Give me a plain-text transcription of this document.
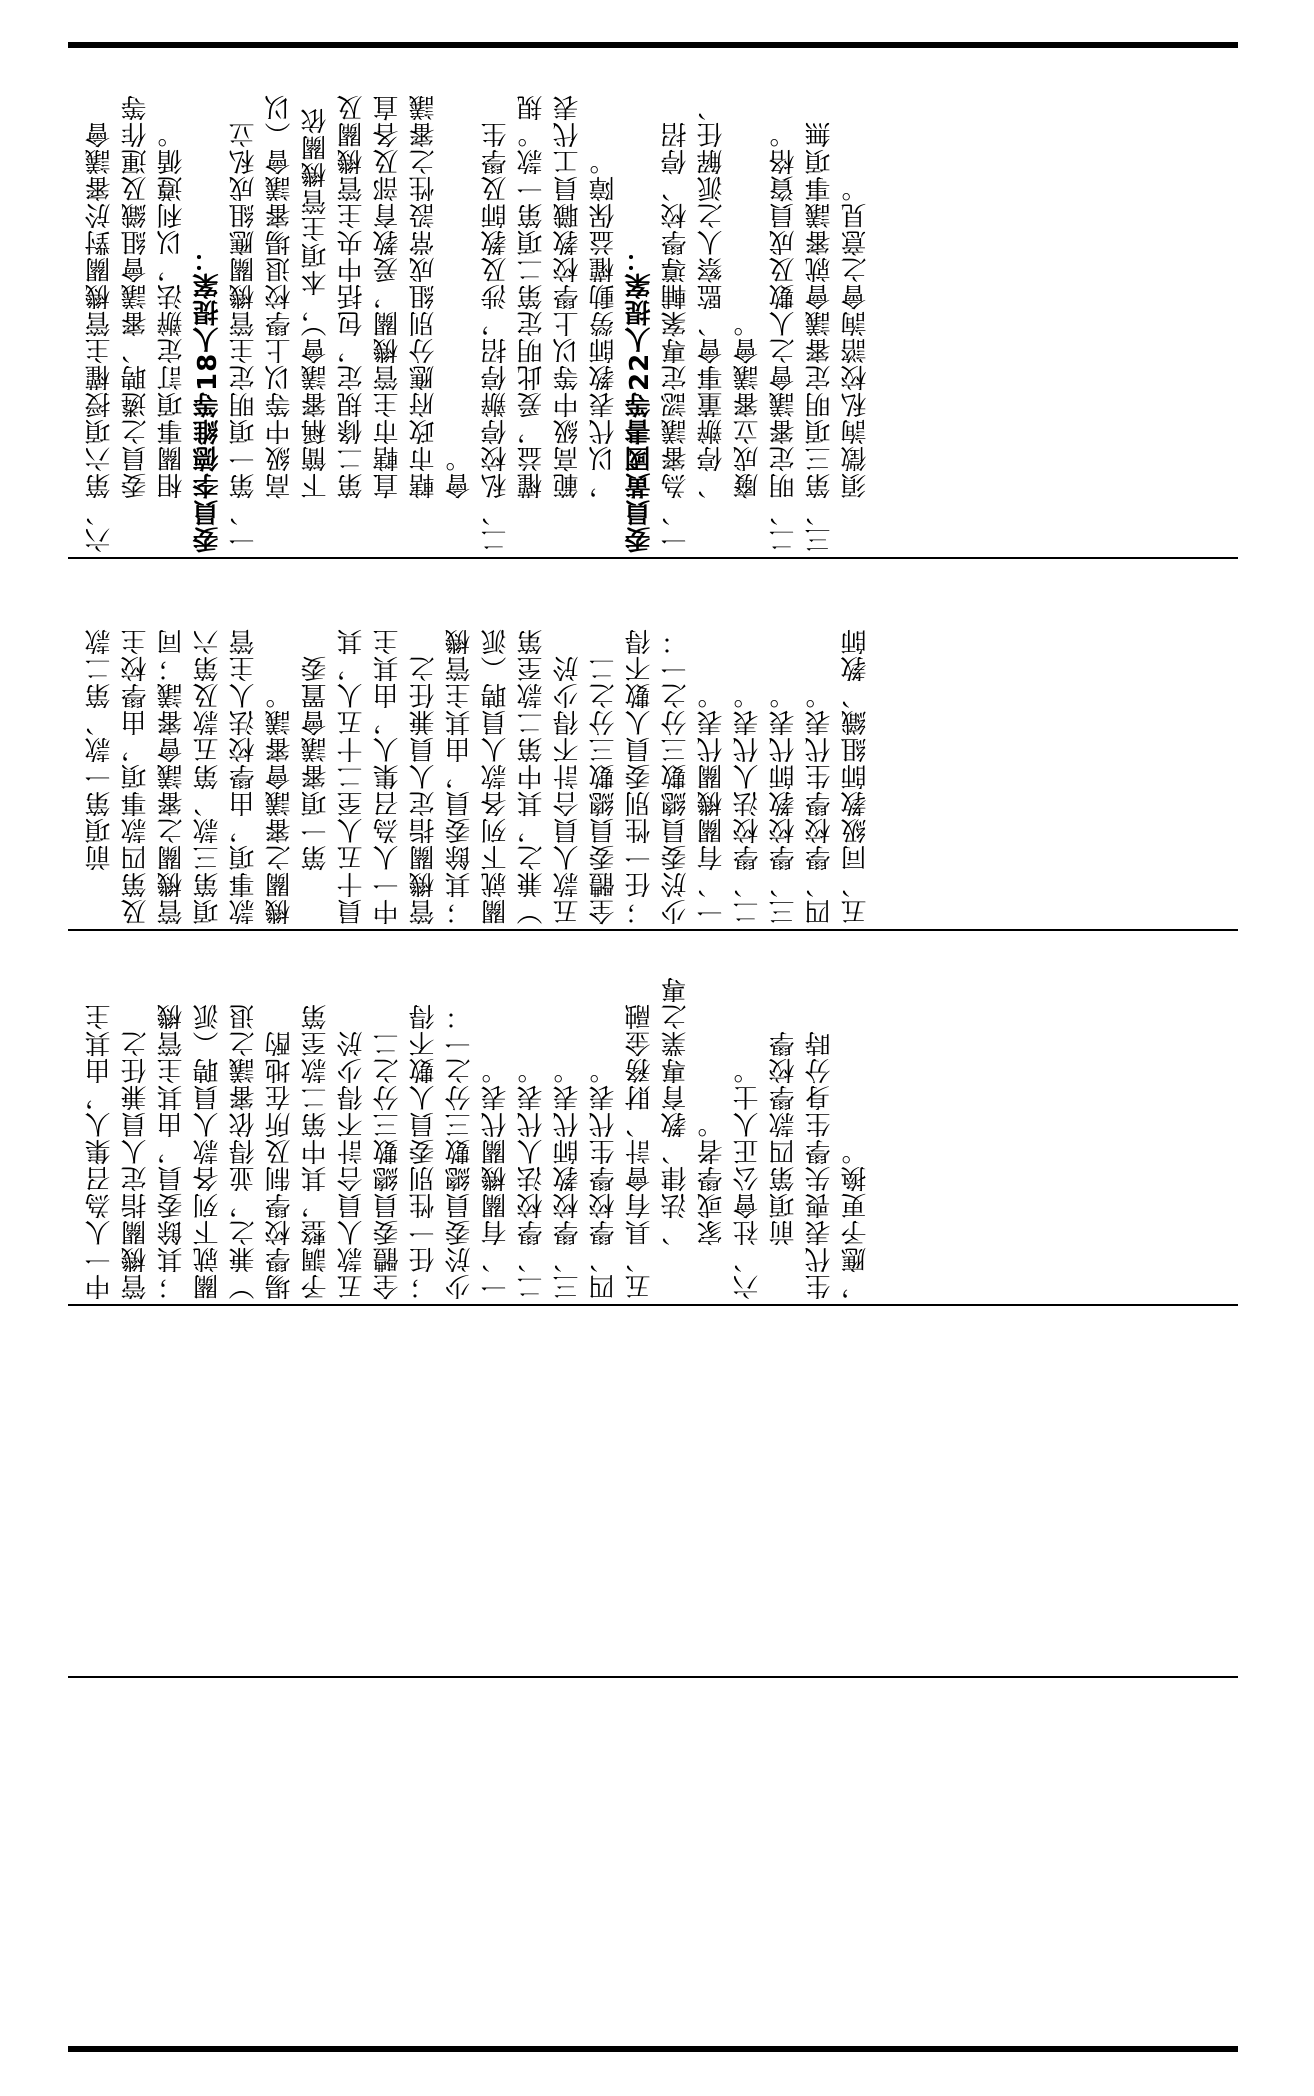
六、第六項授權主管機關對於審議會 　　委員之遴聘、審議會組織及運作等 　　相關事項訂定辦法，以利遵循。 委員李德維等18人提案： 一、第一項明定主管機關應組成私立 　　高級中等以上學校退場審議會（以 　　下簡稱審議會），本項主管機關依 　　第二條規定，包括中央主管機關及 　　直轄市主管機關，爰教育部及各直 　　轄市政府應分別組成常設性之審議 　　會。 二、私校停辦停招，涉及教師及學生 　　權益，爰此明定第二項第一款。規 　　範高級中等以上學校教職員工代表 　　，以代表教師勞動權益保障。 委員黃國書等22人提案： 一、為審議認定專案輔導學校、停招 　　、停辦董事會、監察人之派解任、 　　廢成立審議會。 二、明定審議會之人數及成員資格。 三、第三項明定審議會就審議事項無 　　須徵詢私校諮詢會之意見。
　　前項第一款、第二款 及第四款事項，由學校主 管機關之審議會審議；同 項第三款、第五款及第六 款事項，由學校法人主管 機關之審議會審議。 　　第一項審議會置委 員十五人至二十五人，其 中一人為召集人，由其主 管機關指定人員兼任之 ；其餘委員，由其主管機 關就下列各款人員聘（派 ）兼之，其中第二款至第 五款人員合計不得少於 全體委員總數三分之二 ；任一性別委員人數不得 少於委員總數三分之一： 一、有關機關代表。 二、學校法人代表。 三、學校教師代表。 四、學校學生代表。 五、同級教師組織、教師
中一人為召集人，由其主 管機關指定人員兼任之 ；其餘委員，由其主管機 關就下列各款人員聘（派 ）兼之，並得依審議之退 場學校學制及所在地酌 予調整，其中第二款至第 五款人員合計不得少於 全體委員總數三分之二 ；任一性別委員人數不得 少於委員總數三分之一： 一、有關機關代表。 二、學校法人代表。 三、學校教師代表。 四、學校學生代表。 五、具有會計、財務金融 　　、法律、教育專業之專 　　家或學者。 六、社會公正人士。 　　前項第四款學校學 生代表喪失學生身分時 ，應予更換。
